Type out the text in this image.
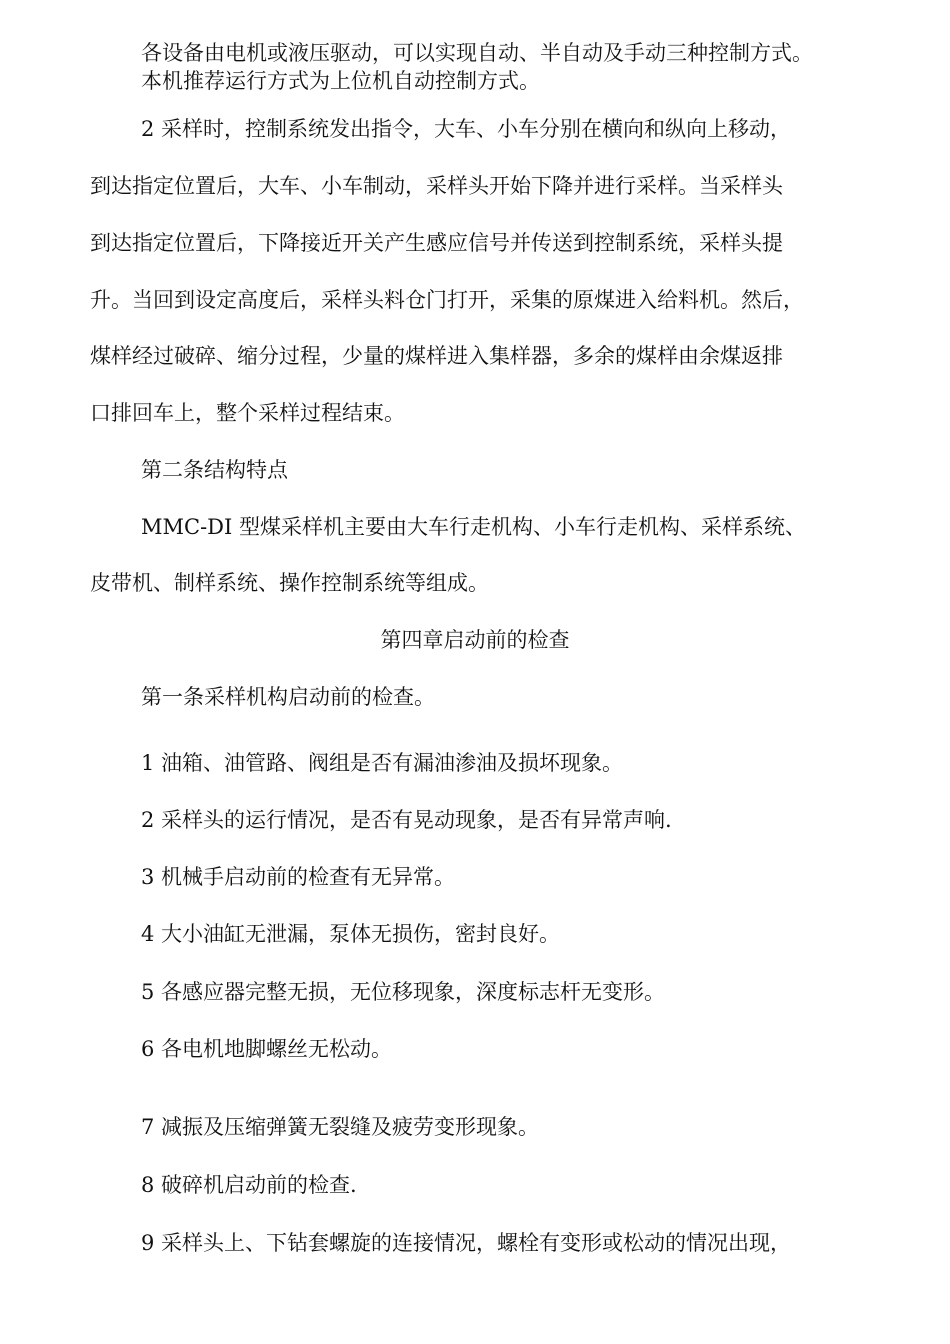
各设备由电机或液压驱动，可以实现自动、半自动及手动三种控制方式。
本机推荐运行方式为上位机自动控制方式。
2 采样时，控制系统发出指令，大车、小车分别在横向和纵向上移动，
到达指定位置后，大车、小车制动，采样头开始下降并进行采样。当采样头
到达指定位置后，下降接近开关产生感应信号并传送到控制系统，采样头提
升。当回到设定高度后，采样头料仓门打开，采集的原煤进入给料机。然后，
煤样经过破碎、缩分过程，少量的煤样进入集样器，多余的煤样由余煤返排
口排回车上，整个采样过程结束。
第二条结构特点
MMC-DI 型煤采样机主要由大车行走机构、小车行走机构、采样系统、
皮带机、制样系统、操作控制系统等组成。
第四章启动前的检查
第一条采样机构启动前的检查。
1 油箱、油管路、阀组是否有漏油渗油及损坏现象。
2 采样头的运行情况，是否有晃动现象，是否有异常声响.
3 机械手启动前的检查有无异常。
4 大小油缸无泄漏，泵体无损伤，密封良好。
5 各感应器完整无损，无位移现象，深度标志杆无变形。
6 各电机地脚螺丝无松动。
7 减振及压缩弹簧无裂缝及疲劳变形现象。
8 破碎机启动前的检查.
9 采样头上、下钻套螺旋的连接情况，螺栓有变形或松动的情况出现，
